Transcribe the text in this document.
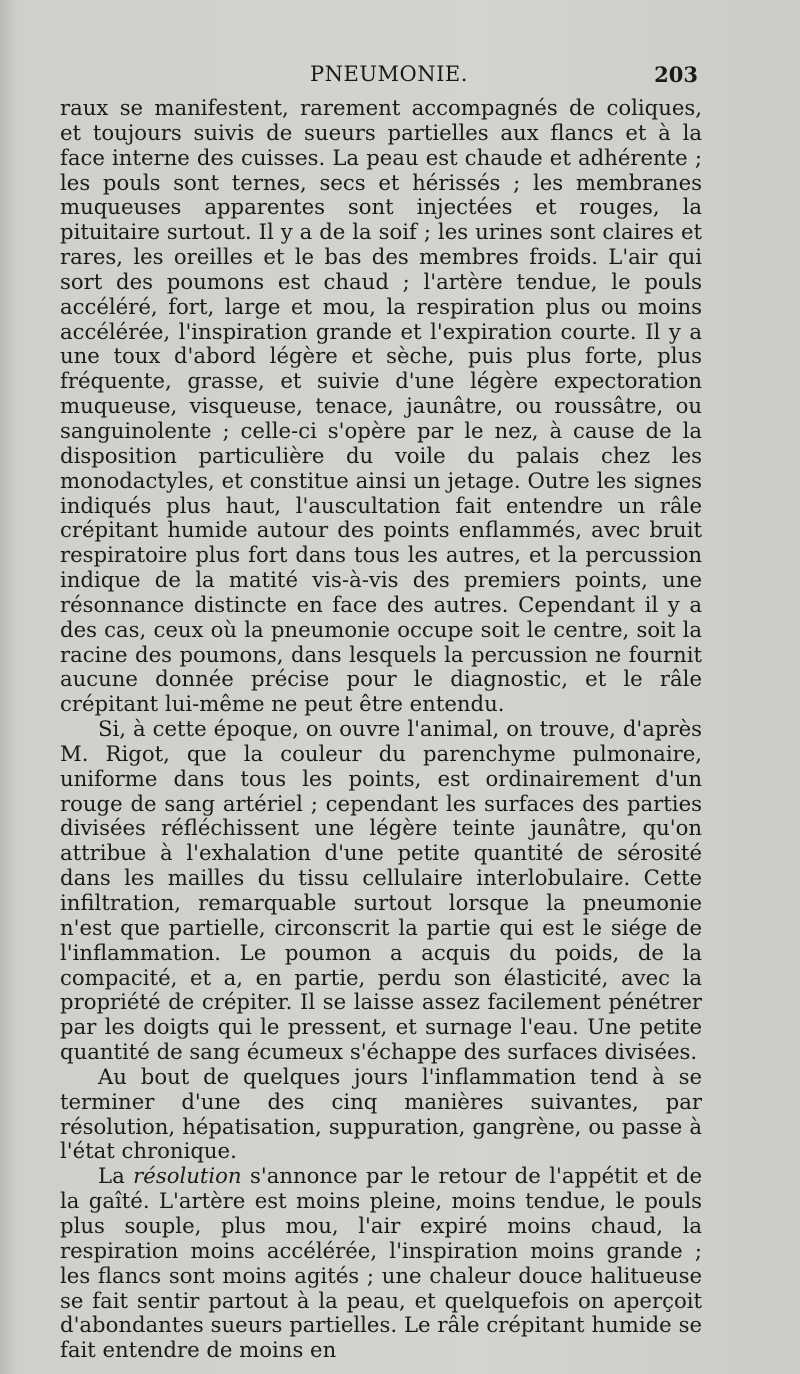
PNEUMONIE.	203

raux se manifestent, rarement accompagnés de coliques, et toujours suivis de sueurs partielles aux flancs et à la face interne des cuisses. La peau est chaude et adhérente ; les pouls sont ternes, secs et hérissés ; les membranes muqueuses apparentes sont injectées et rouges, la pituitaire surtout. Il y a de la soif ; les urines sont claires et rares, les oreilles et le bas des membres froids. L'air qui sort des poumons est chaud ; l'artère tendue, le pouls accéléré, fort, large et mou, la respiration plus ou moins accélérée, l'inspiration grande et l'expiration courte. Il y a une toux d'abord légère et sèche, puis plus forte, plus fréquente, grasse, et suivie d'une légère expectoration muqueuse, visqueuse, tenace, jaunâtre, ou roussâtre, ou sanguinolente ; celle-ci s'opère par le nez, à cause de la disposition particulière du voile du palais chez les monodactyles, et constitue ainsi un jetage. Outre les signes indiqués plus haut, l'auscultation fait entendre un râle crépitant humide autour des points enflammés, avec bruit respiratoire plus fort dans tous les autres, et la percussion indique de la matité vis-à-vis des premiers points, une résonnance distincte en face des autres. Cependant il y a des cas, ceux où la pneumonie occupe soit le centre, soit la racine des poumons, dans lesquels la percussion ne fournit aucune donnée précise pour le diagnostic, et le râle crépitant lui-même ne peut être entendu.

Si, à cette époque, on ouvre l'animal, on trouve, d'après M. Rigot, que la couleur du parenchyme pulmonaire, uniforme dans tous les points, est ordinairement d'un rouge de sang artériel ; cependant les surfaces des parties divisées réfléchissent une légère teinte jaunâtre, qu'on attribue à l'exhalation d'une petite quantité de sérosité dans les mailles du tissu cellulaire interlobulaire. Cette infiltration, remarquable surtout lorsque la pneumonie n'est que partielle, circonscrit la partie qui est le siége de l'inflammation. Le poumon a acquis du poids, de la compacité, et a, en partie, perdu son élasticité, avec la propriété de crépiter. Il se laisse assez facilement pénétrer par les doigts qui le pressent, et surnage l'eau. Une petite quantité de sang écumeux s'échappe des surfaces divisées.

Au bout de quelques jours l'inflammation tend à se terminer d'une des cinq manières suivantes, par résolution, hépatisation, suppuration, gangrène, ou passe à l'état chronique.

La résolution s'annonce par le retour de l'appétit et de la gaîté. L'artère est moins pleine, moins tendue, le pouls plus souple, plus mou, l'air expiré moins chaud, la respiration moins accélérée, l'inspiration moins grande ; les flancs sont moins agités ; une chaleur douce halitueuse se fait sentir partout à la peau, et quelquefois on aperçoit d'abondantes sueurs partielles. Le râle crépitant humide se fait entendre de moins en
